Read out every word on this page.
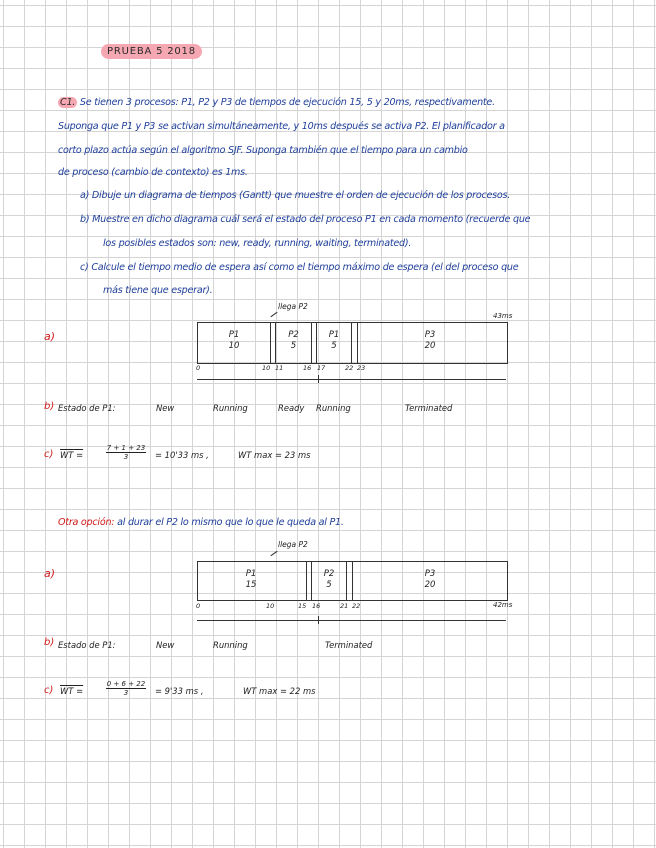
PRUEBA 5 2018
C1. Se tienen 3 procesos: P1, P2 y P3 de tiempos de ejecución 15, 5 y 20ms, respectivamente.
Suponga que P1 y P3 se activan simultáneamente, y 10ms después se activa P2. El planificador a
corto plazo actúa según el algoritmo SJF. Suponga también que el tiempo para un cambio
de proceso (cambio de contexto) es 1ms.
a) Dibuje un diagrama de tiempos (Gantt) que muestre el orden de ejecución de los procesos.
b) Muestre en dicho diagrama cuál será el estado del proceso P1 en cada momento (recuerde que
los posibles estados son: new, ready, running, waiting, terminated).
c) Calcule el tiempo medio de espera así como el tiempo máximo de espera (el del proceso que
más tiene que esperar).
a)
llega P2
43ms
P1
10
P2
5
P1
5
P3
20
0	10 11	16 17	22 23
b) Estado de P1:	New	Running	Ready Running	Terminated
c) WT = $\frac{7 + 1 + 23}{3} = 10'33$ ms ,	WT max = 23 ms
Otra opción: al durar el P2 lo mismo que lo que le queda al P1.
a)
llega P2
P1
15
P2
5
P3
20
0	10	15 16	21 22	42ms
b) Estado de P1:	New	Running	Terminated
c) WT = $\frac{0 + 6 + 22}{3} = 9'33$ ms ,	WT max = 22 ms
